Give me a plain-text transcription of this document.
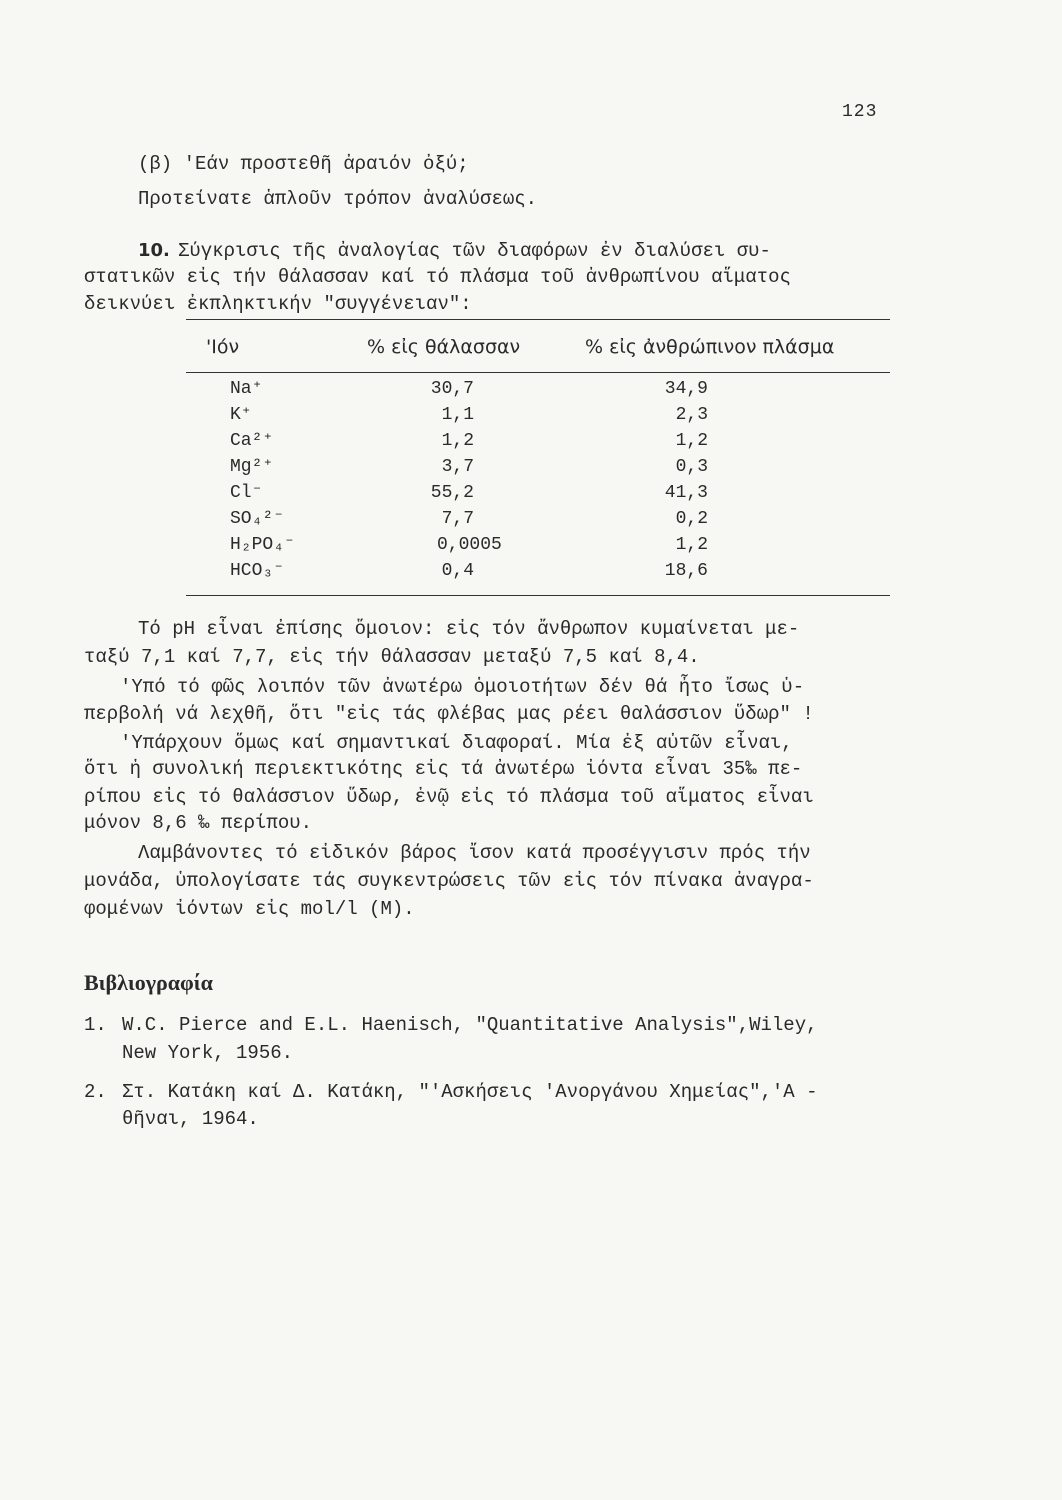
123
(β) 'Εάν προστεθῆ ἀραιόν ὀξύ;
Προτείνατε ἁπλοῦν τρόπον ἀναλύσεως.
10. Σύγκρισις τῆς ἀναλογίας τῶν διαφόρων ἐν διαλύσει συ-
στατικῶν εἰς τήν θάλασσαν καί τό πλάσμα τοῦ ἀνθρωπίνου αἵματος
δεικνύει ἐκπληκτικήν "συγγένειαν":
'Ιόν	% εἰς θάλασσαν	% εἰς ἀνθρώπινον πλάσμα
Na⁺	30,7	34,9
K⁺	1,1	2,3
Ca²⁺	1,2	1,2
Mg²⁺	3,7	0,3
Cl⁻	55,2	41,3
SO₄²⁻	7,7	0,2
H₂PO₄⁻	0,0005	1,2
HCO₃⁻	0,4	18,6
Τό pH εἶναι ἐπίσης ὅμοιον: εἰς τόν ἄνθρωπον κυμαίνεται με-
ταξύ 7,1 καί 7,7, εἰς τήν θάλασσαν μεταξύ 7,5 καί 8,4.
'Υπό τό φῶς λοιπόν τῶν ἀνωτέρω ὁμοιοτήτων δέν θά ἦτο ἴσως ὑ-
περβολή νά λεχθῆ, ὅτι "εἰς τάς φλέβας μας ρέει θαλάσσιον ὕδωρ" !
'Υπάρχουν ὅμως καί σημαντικαί διαφοραί. Μία ἐξ αὐτῶν εἶναι,
ὅτι ἡ συνολική περιεκτικότης εἰς τά ἀνωτέρω ἰόντα εἶναι 35‰ πε-
ρίπου εἰς τό θαλάσσιον ὕδωρ, ἐνῷ εἰς τό πλάσμα τοῦ αἵματος εἶναι
μόνον 8,6 ‰ περίπου.
Λαμβάνοντες τό εἰδικόν βάρος ἴσον κατά προσέγγισιν πρός τήν
μονάδα, ὑπολογίσατε τάς συγκεντρώσεις τῶν εἰς τόν πίνακα ἀναγρα-
φομένων ἰόντων εἰς mol/l (M).
Βιβλιογραφία
1. W.C. Pierce and E.L. Haenisch, "Quantitative Analysis",Wiley,
New York, 1956.
2. Στ. Κατάκη καί Δ. Κατάκη, "'Ασκήσεις 'Ανοργάνου Χημείας",'Α -
θῆναι, 1964.
